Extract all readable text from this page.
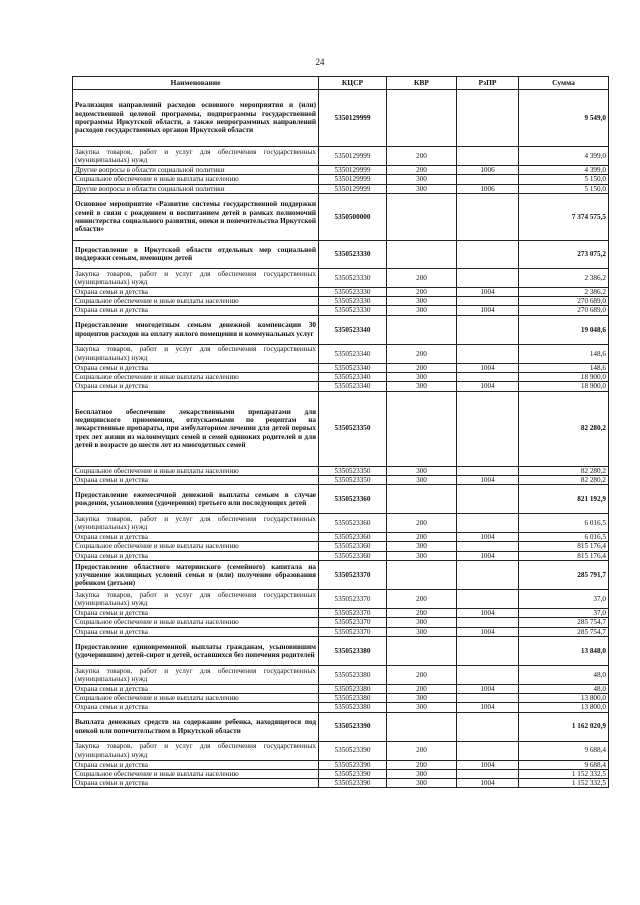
24
Наименование	КЦСР	КВР	РзПР	Сумма
Реализация направлений расходов основного мероприятия и (или) ведомственной целевой программы, подпрограммы государственной программы Иркутской области, а также непрограммных направлений расходов государственных органов Иркутской области	5350129999			9 549,0
Закупка товаров, работ и услуг для обеспечения государственных (муниципальных) нужд	5350129999	200		4 399,0
Другие вопросы в области социальной политики	5350129999	200	1006	4 399,0
Социальное обеспечение и иные выплаты населению	5350129999	300		5 150,0
Другие вопросы в области социальной политики	5350129999	300	1006	5 150,0
Основное мероприятие «Развитие системы государственной поддержки семей в связи с рождением и воспитанием детей в рамках полномочий министерства социального развития, опеки и попечительства Иркутской области»	5350500000			7 374 575,5
Предоставление в Иркутской области отдельных мер социальной поддержки семьям, имеющим детей	5350523330			273 075,2
Закупка товаров, работ и услуг для обеспечения государственных (муниципальных) нужд	5350523330	200		2 386,2
Охрана семьи и детства	5350523330	200	1004	2 386,2
Социальное обеспечение и иные выплаты населению	5350523330	300		270 689,0
Охрана семьи и детства	5350523330	300	1004	270 689,0
Предоставление многодетным семьям денежной компенсации 30 процентов расходов на оплату жилого помещения и коммунальных услуг	5350523340			19 048,6
Закупка товаров, работ и услуг для обеспечения государственных (муниципальных) нужд	5350523340	200		148,6
Охрана семьи и детства	5350523340	200	1004	148,6
Социальное обеспечение и иные выплаты населению	5350523340	300		18 900,0
Охрана семьи и детства	5350523340	300	1004	18 900,0
Бесплатное обеспечение лекарственными препаратами для медицинского применения, отпускаемыми по рецептам на лекарственные препараты, при амбулаторном лечении для детей первых трех лет жизни из малоимущих семей и семей одиноких родителей и для детей в возрасте до шести лет из многодетных семей	5350523350			82 280,2
Социальное обеспечение и иные выплаты населению	5350523350	300		82 280,2
Охрана семьи и детства	5350523350	300	1004	82 280,2
Предоставление ежемесячной денежной выплаты семьям в случае рождения, усыновления (удочерения) третьего или последующих детей	5350523360			821 192,9
Закупка товаров, работ и услуг для обеспечения государственных (муниципальных) нужд	5350523360	200		6 016,5
Охрана семьи и детства	5350523360	200	1004	6 016,5
Социальное обеспечение и иные выплаты населению	5350523360	300		815 176,4
Охрана семьи и детства	5350523360	300	1004	815 176,4
Предоставление областного материнского (семейного) капитала на улучшение жилищных условий семьи и (или) получение образования ребенком (детьми)	5350523370			285 791,7
Закупка товаров, работ и услуг для обеспечения государственных (муниципальных) нужд	5350523370	200		37,0
Охрана семьи и детства	5350523370	200	1004	37,0
Социальное обеспечение и иные выплаты населению	5350523370	300		285 754,7
Охрана семьи и детства	5350523370	300	1004	285 754,7
Предоставление единовременной выплаты гражданам, усыновившим (удочерившим) детей-сирот и детей, оставшихся без попечения родителей	5350523380			13 848,0
Закупка товаров, работ и услуг для обеспечения государственных (муниципальных) нужд	5350523380	200		48,0
Охрана семьи и детства	5350523380	200	1004	48,0
Социальное обеспечение и иные выплаты населению	5350523380	300		13 800,0
Охрана семьи и детства	5350523380	300	1004	13 800,0
Выплата денежных средств на содержание ребенка, находящегося под опекой или попечительством в Иркутской области	5350523390			1 162 020,9
Закупка товаров, работ и услуг для обеспечения государственных (муниципальных) нужд	5350523390	200		9 688,4
Охрана семьи и детства	5350523390	200	1004	9 688,4
Социальное обеспечение и иные выплаты населению	5350523390	300		1 152 332,5
Охрана семьи и детства	5350523390	300	1004	1 152 332,5
